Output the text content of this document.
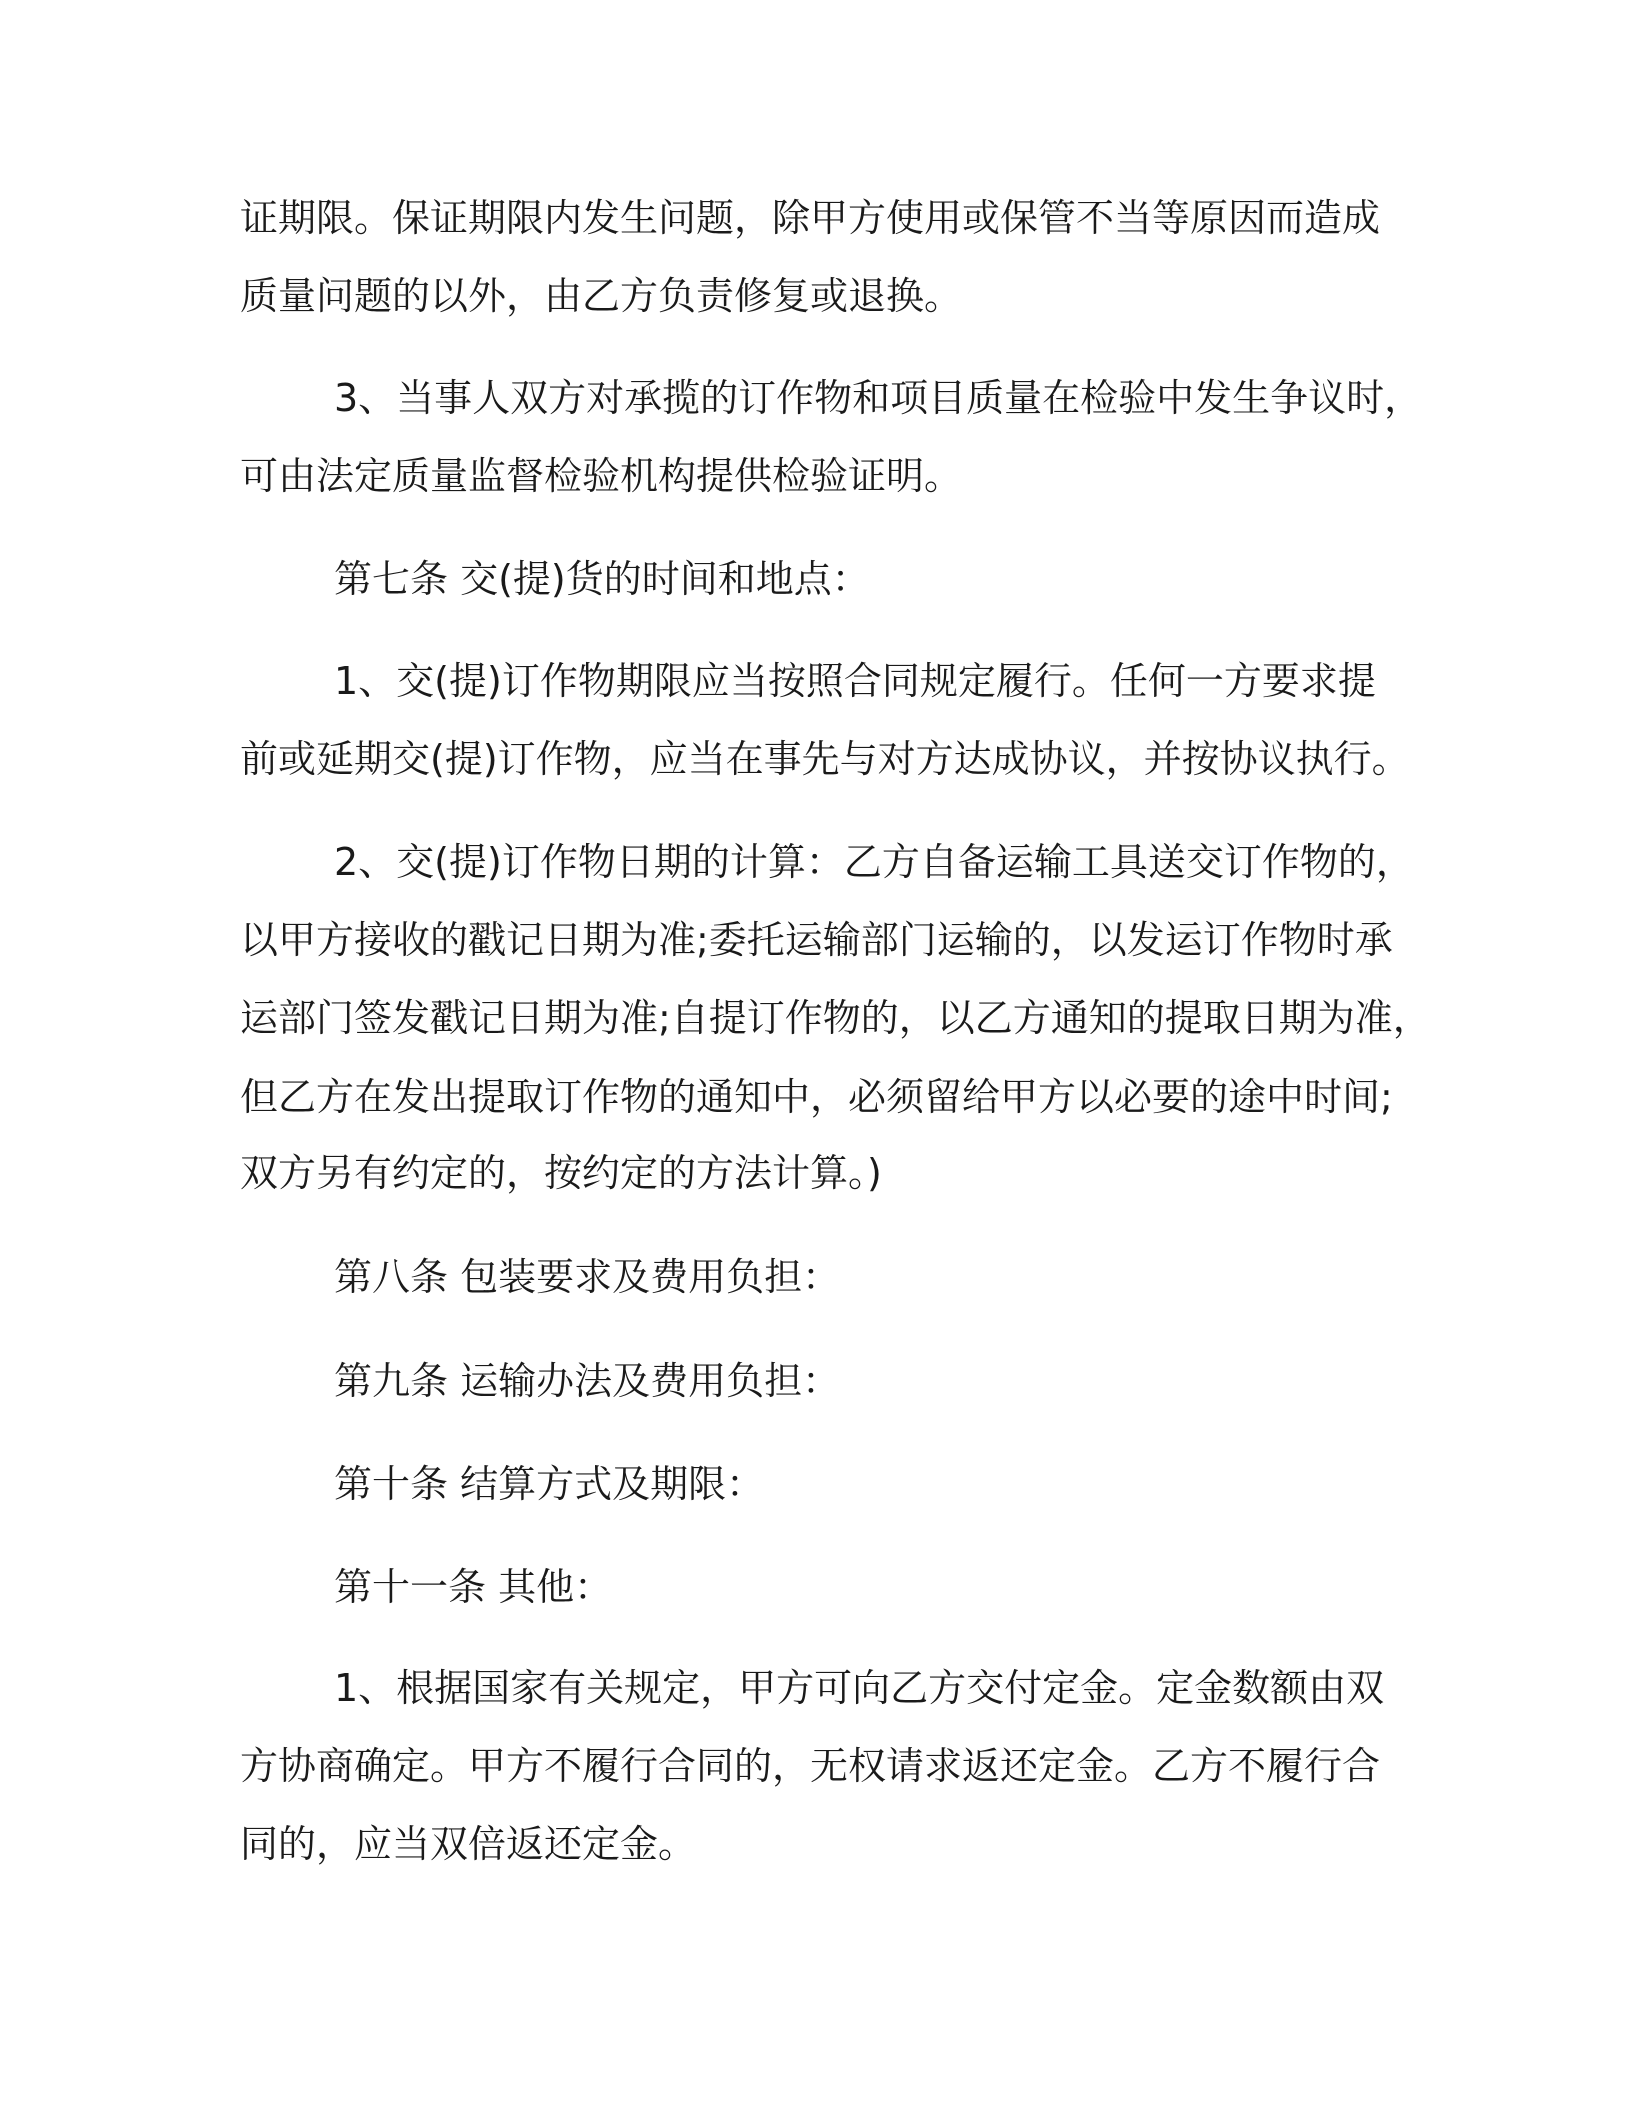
证期限。保证期限内发生问题，除甲方使用或保管不当等原因而造成

质量问题的以外，由乙方负责修复或退换。

3、当事人双方对承揽的订作物和项目质量在检验中发生争议时，

可由法定质量监督检验机构提供检验证明。

第七条 交(提)货的时间和地点：

1、交(提)订作物期限应当按照合同规定履行。任何一方要求提

前或延期交(提)订作物，应当在事先与对方达成协议，并按协议执行。

2、交(提)订作物日期的计算：乙方自备运输工具送交订作物的，

以甲方接收的戳记日期为准;委托运输部门运输的，以发运订作物时承

运部门签发戳记日期为准;自提订作物的，以乙方通知的提取日期为准，

但乙方在发出提取订作物的通知中，必须留给甲方以必要的途中时间;

双方另有约定的，按约定的方法计算。)

第八条 包装要求及费用负担：

第九条 运输办法及费用负担：

第十条 结算方式及期限：

第十一条 其他：

1、根据国家有关规定，甲方可向乙方交付定金。定金数额由双

方协商确定。甲方不履行合同的，无权请求返还定金。乙方不履行合

同的，应当双倍返还定金。
